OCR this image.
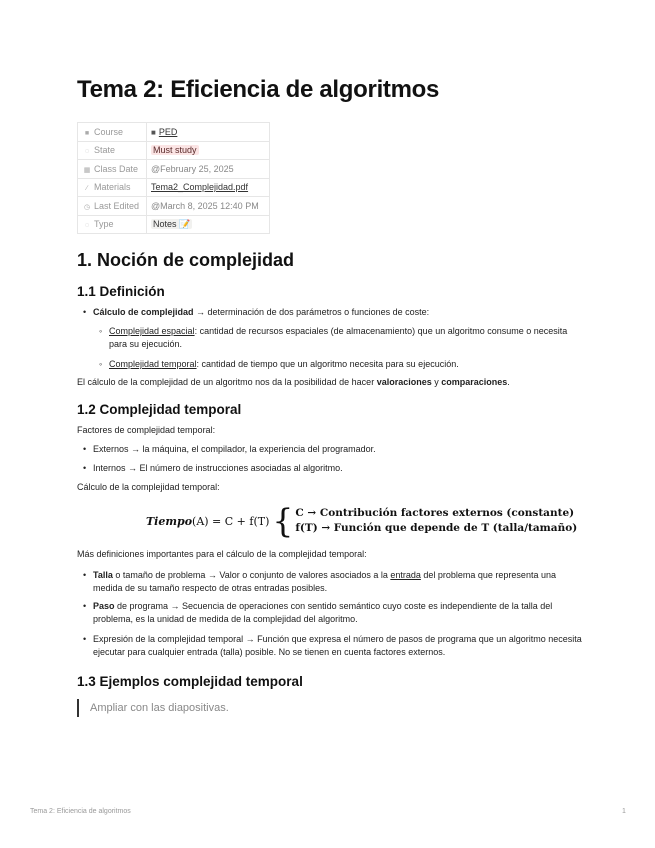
Tema 2: Eficiencia de algoritmos
■ Course	■ PED
◌ State	Must study
▦ Class Date	@February 25, 2025
∕ Materials	Tema2_Complejidad.pdf
◷ Last Edited	@March 8, 2025 12:40 PM
◌ Type	Notes 📝
1. Noción de complejidad
1.1 Definición
• Cálculo de complejidad → determinación de dos parámetros o funciones de coste:
◦ Complejidad espacial: cantidad de recursos espaciales (de almacenamiento) que un algoritmo consume o necesita para su ejecución.
◦ Complejidad temporal: cantidad de tiempo que un algoritmo necesita para su ejecución.
El cálculo de la complejidad de un algoritmo nos da la posibilidad de hacer valoraciones y comparaciones.
1.2 Complejidad temporal
Factores de complejidad temporal:
• Externos → la máquina, el compilador, la experiencia del programador.
• Internos → El número de instrucciones asociadas al algoritmo.
Cálculo de la complejidad temporal:
Tiempo(A) = C + f(T) { C → Contribución factores externos (constante)
f(T) → Función que depende de T (talla/tamaño)
Más definiciones importantes para el cálculo de la complejidad temporal:
• Talla o tamaño de problema → Valor o conjunto de valores asociados a la entrada del problema que representa una medida de su tamaño respecto de otras entradas posibles.
• Paso de programa → Secuencia de operaciones con sentido semántico cuyo coste es independiente de la talla del problema, es la unidad de medida de la complejidad del algoritmo.
• Expresión de la complejidad temporal → Función que expresa el número de pasos de programa que un algoritmo necesita ejecutar para cualquier entrada (talla) posible. No se tienen en cuenta factores externos.
1.3 Ejemplos complejidad temporal
Ampliar con las diapositivas.
Tema 2: Eficiencia de algoritmos	1
